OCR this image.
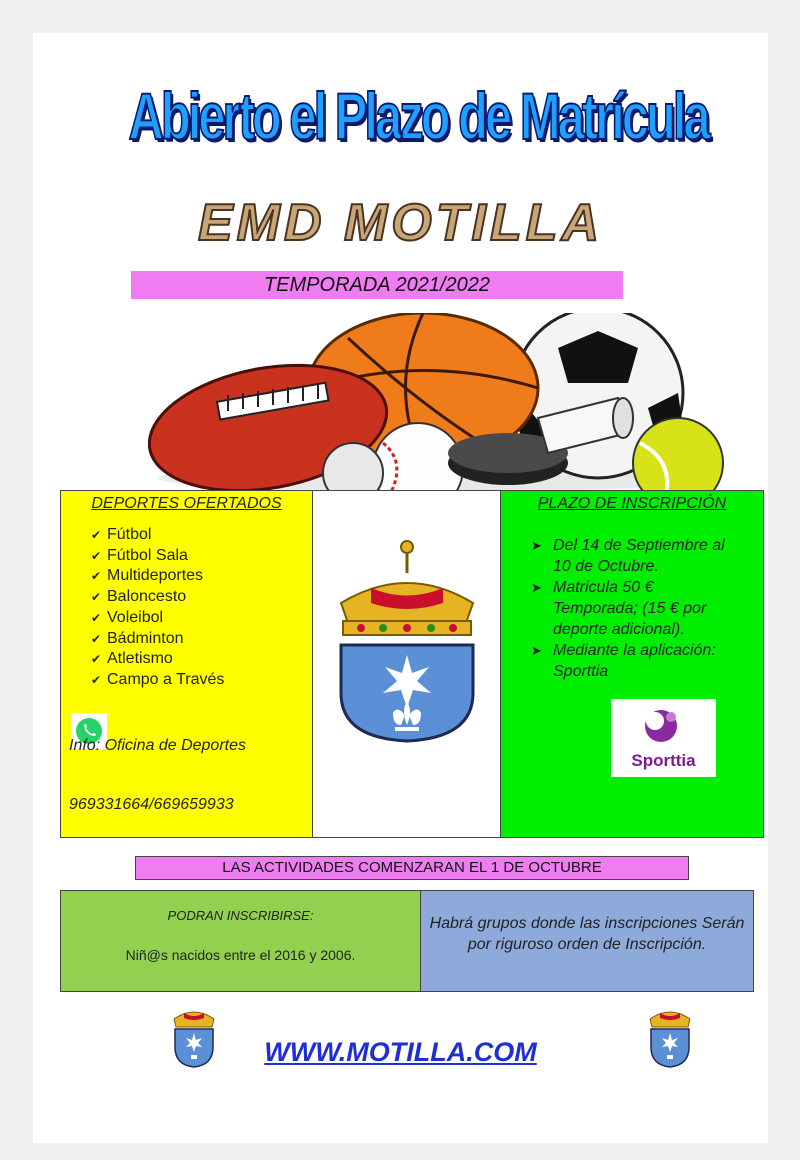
Abierto el Plazo de Matrícula
EMD MOTILLA
TEMPORADA 2021/2022
DEPORTES OFERTADOS
✔ Fútbol
✔ Fútbol Sala
✔ Multideportes
✔ Baloncesto
✔ Voleibol
✔ Bádminton
✔ Atletismo
✔ Campo a Través
Info: Oficina de Deportes
969331664/669659933
PLAZO DE INSCRIPCIÓN
➤ Del 14 de Septiembre al 10 de Octubre.
➤ Matricula 50 € Temporada; (15 € por deporte adicional).
➤ Mediante la aplicación: Sporttia
Sporttia
LAS ACTIVIDADES COMENZARAN EL 1 DE OCTUBRE
PODRAN INSCRIBIRSE:
Niñ@s nacidos entre el 2016 y 2006.
Habrá grupos donde las inscripciones Serán por riguroso orden de Inscripción.
WWW.MOTILLA.COM
